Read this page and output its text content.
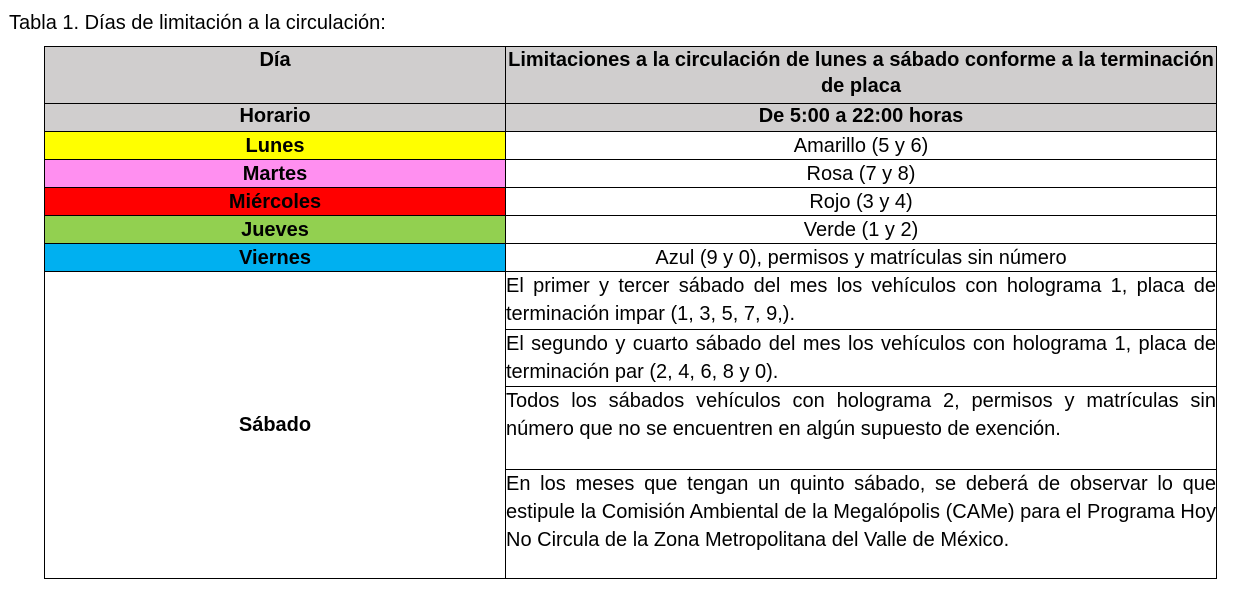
Tabla 1. Días de limitación a la circulación:
Día	Limitaciones a la circulación de lunes a sábado conforme a la terminación de placa
Horario	De 5:00 a 22:00 horas
Lunes	Amarillo (5 y 6)
Martes	Rosa (7 y 8)
Miércoles	Rojo (3 y 4)
Jueves	Verde (1 y 2)
Viernes	Azul (9 y 0), permisos y matrículas sin número
Sábado	El primer y tercer sábado del mes los vehículos con holograma 1, placa de terminación impar (1, 3, 5, 7, 9,).
	El segundo y cuarto sábado del mes los vehículos con holograma 1, placa de terminación par (2, 4, 6, 8 y 0).
	Todos los sábados vehículos con holograma 2, permisos y matrículas sin número que no se encuentren en algún supuesto de exención.
	En los meses que tengan un quinto sábado, se deberá de observar lo que estipule la Comisión Ambiental de la Megalópolis (CAMe) para el Programa Hoy No Circula de la Zona Metropolitana del Valle de México.
